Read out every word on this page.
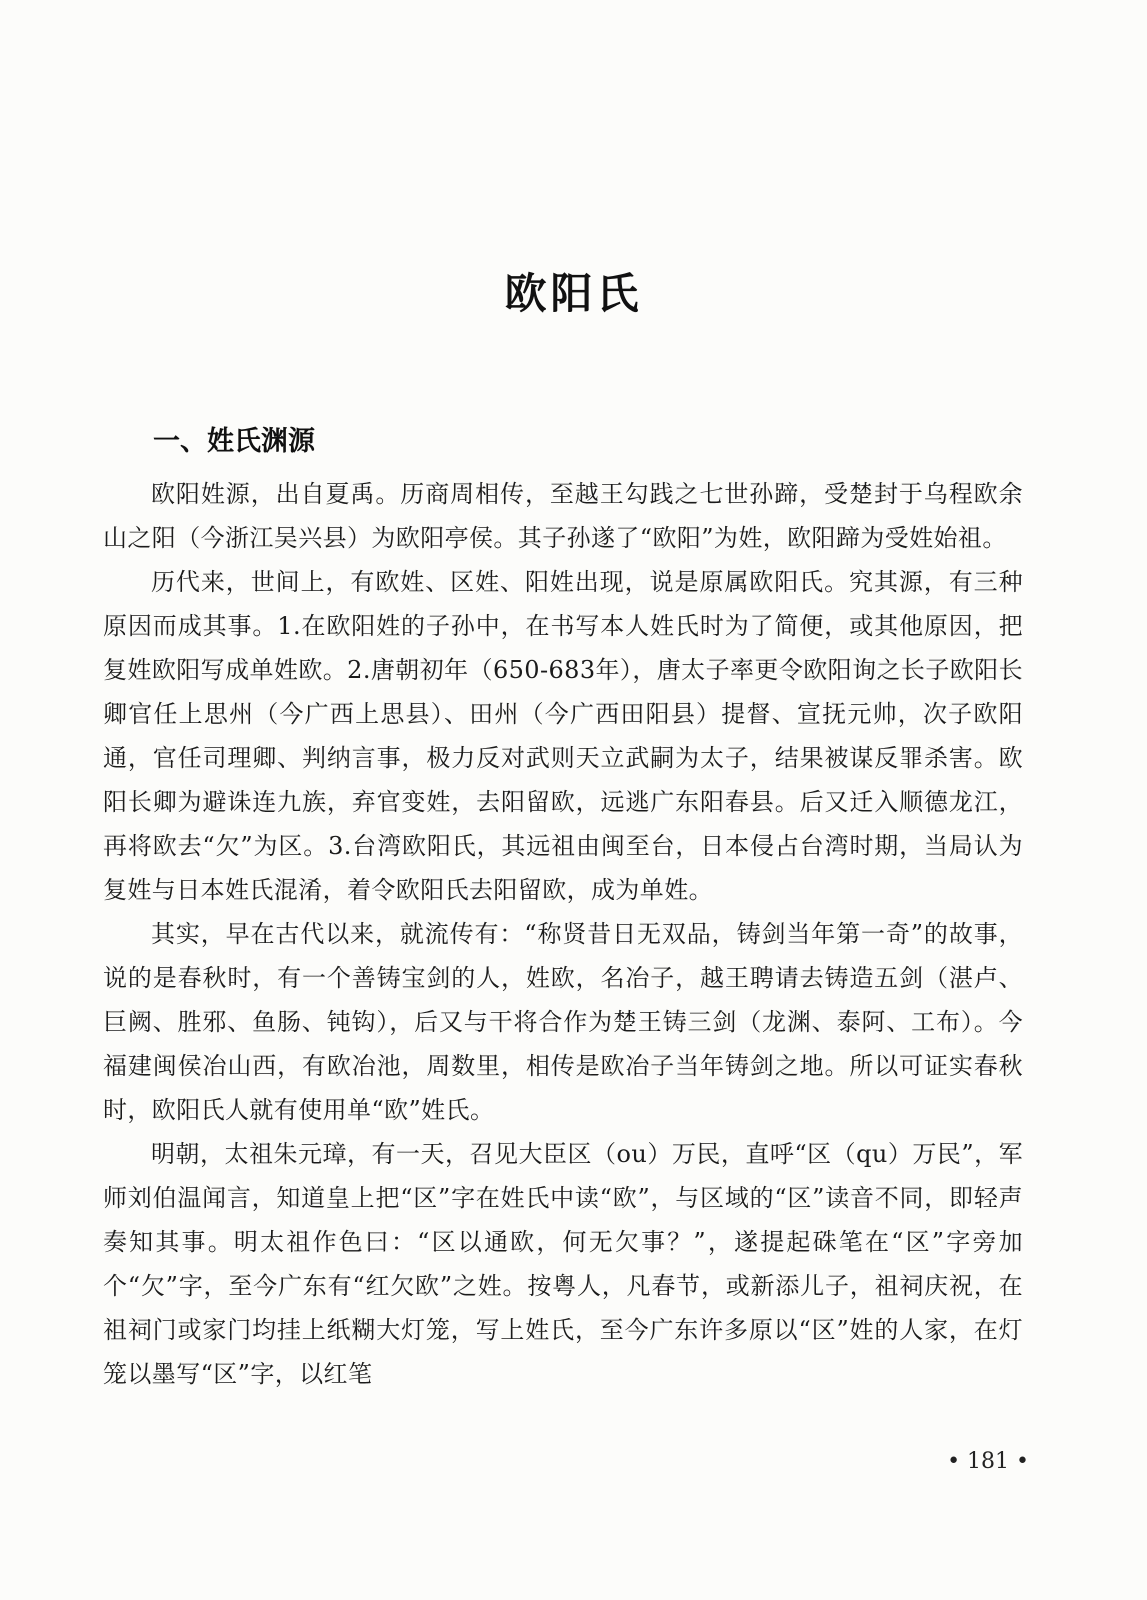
欧阳氏
一、姓氏渊源

欧阳姓源，出自夏禹。历商周相传，至越王勾践之七世孙蹄，受楚封于乌程欧余山之阳（今浙江吴兴县）为欧阳亭侯。其子孙遂了“欧阳”为姓，欧阳蹄为受姓始祖。

历代来，世间上，有欧姓、区姓、阳姓出现，说是原属欧阳氏。究其源，有三种原因而成其事。1.在欧阳姓的子孙中，在书写本人姓氏时为了简便，或其他原因，把复姓欧阳写成单姓欧。2.唐朝初年（650-683年），唐太子率更令欧阳询之长子欧阳长卿官任上思州（今广西上思县）、田州（今广西田阳县）提督、宣抚元帅，次子欧阳通，官任司理卿、判纳言事，极力反对武则天立武嗣为太子，结果被谋反罪杀害。欧阳长卿为避诛连九族，弃官变姓，去阳留欧，远逃广东阳春县。后又迁入顺德龙江，再将欧去“欠”为区。3.台湾欧阳氏，其远祖由闽至台，日本侵占台湾时期，当局认为复姓与日本姓氏混淆，着令欧阳氏去阳留欧，成为单姓。

其实，早在古代以来，就流传有：“称贤昔日无双品，铸剑当年第一奇”的故事，说的是春秋时，有一个善铸宝剑的人，姓欧，名冶子，越王聘请去铸造五剑（湛卢、巨阙、胜邪、鱼肠、钝钩），后又与干将合作为楚王铸三剑（龙渊、泰阿、工布）。今福建闽侯冶山西，有欧冶池，周数里，相传是欧冶子当年铸剑之地。所以可证实春秋时，欧阳氏人就有使用单“欧”姓氏。

明朝，太祖朱元璋，有一天，召见大臣区（ou）万民，直呼“区（qu）万民”，军师刘伯温闻言，知道皇上把“区”字在姓氏中读“欧”，与区域的“区”读音不同，即轻声奏知其事。明太祖作色曰：“区以通欧，何无欠事？”，遂提起硃笔在“区”字旁加个“欠”字，至今广东有“红欠欧”之姓。按粤人，凡春节，或新添儿子，祖祠庆祝，在祖祠门或家门均挂上纸糊大灯笼，写上姓氏，至今广东许多原以“区”姓的人家，在灯笼以墨写“区”字，以红笔

• 181 •
